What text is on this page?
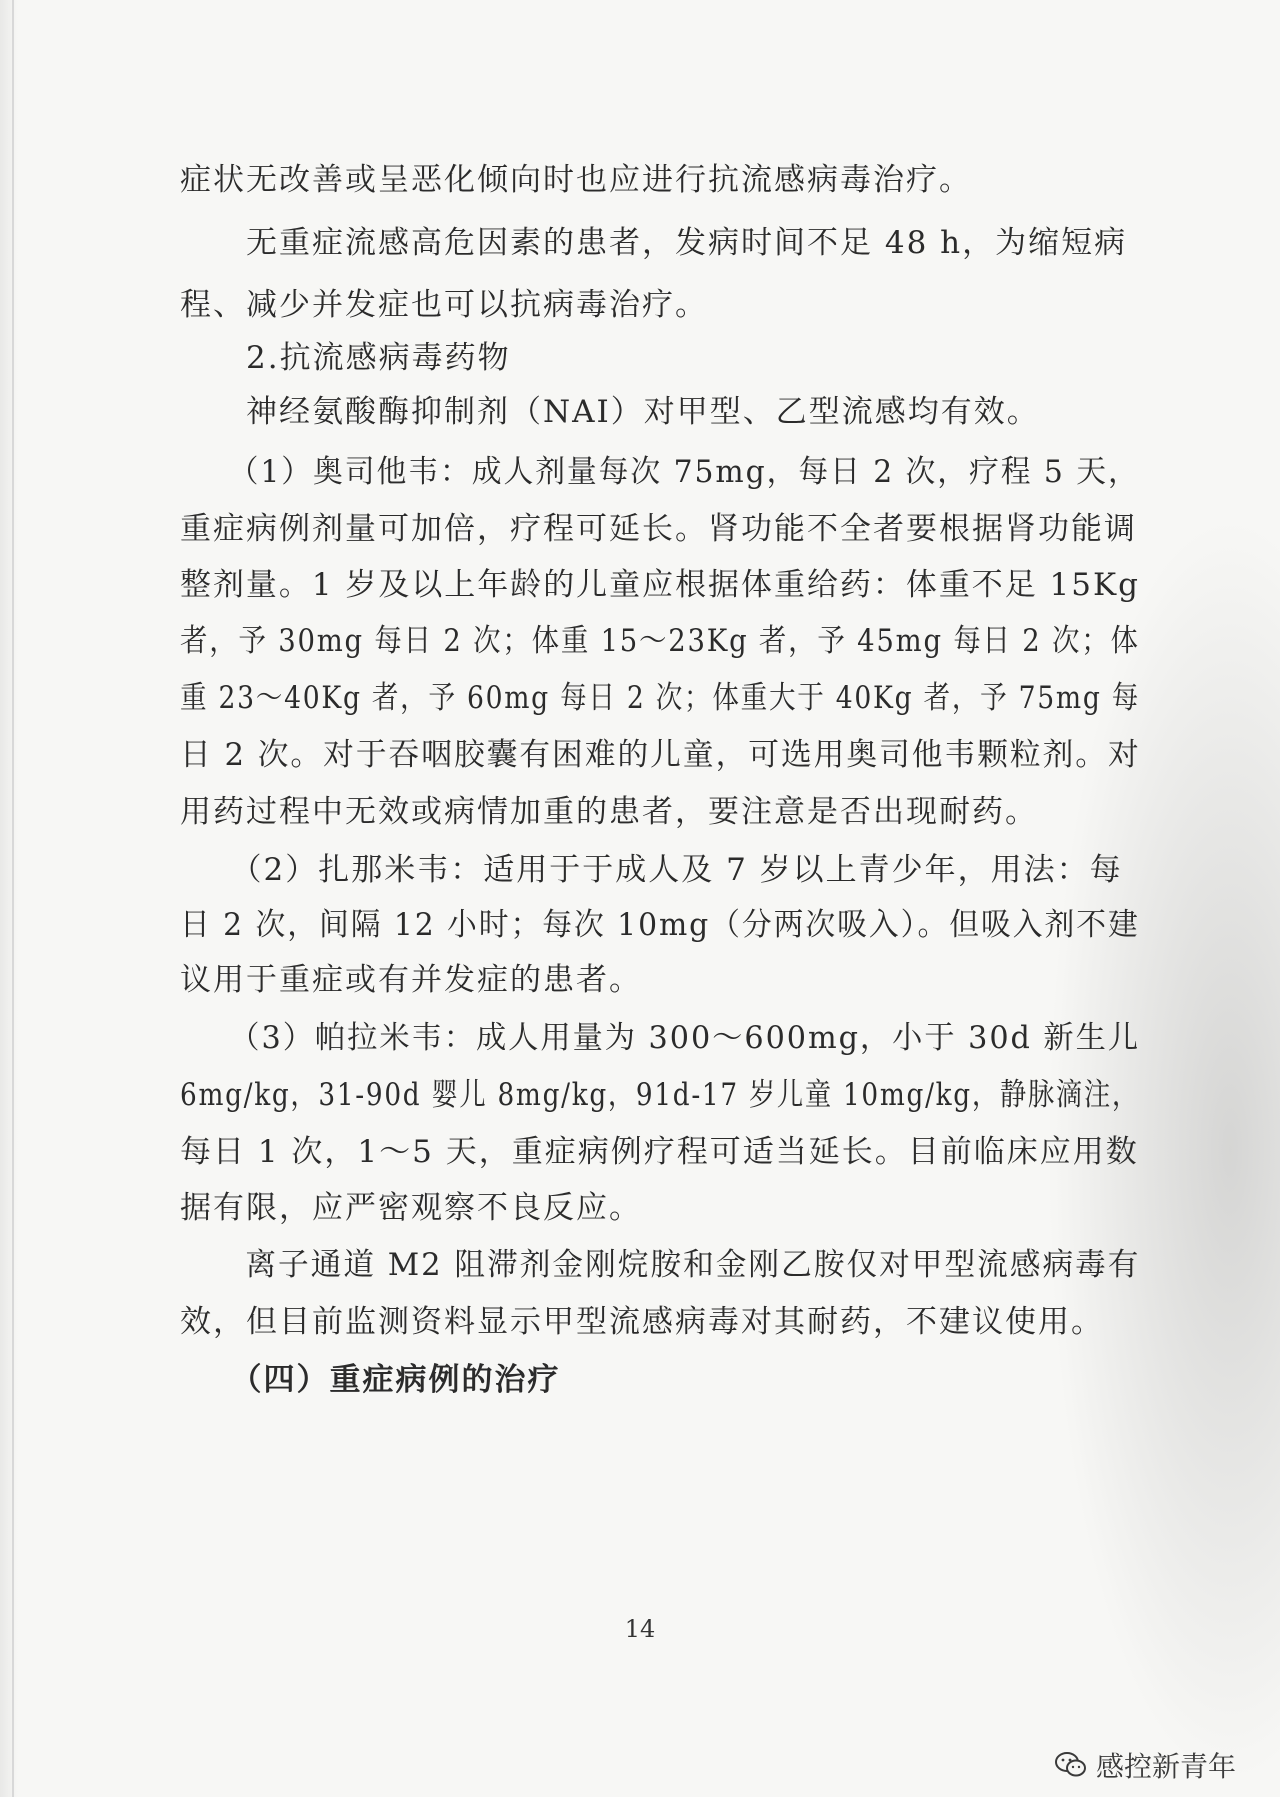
症状无改善或呈恶化倾向时也应进行抗流感病毒治疗。
　　无重症流感高危因素的患者，发病时间不足 48 h，为缩短病
程、减少并发症也可以抗病毒治疗。
　　2.抗流感病毒药物
　　神经氨酸酶抑制剂（NAI）对甲型、乙型流感均有效。
　　（1）奥司他韦：成人剂量每次 75mg，每日 2 次，疗程 5 天，
重症病例剂量可加倍，疗程可延长。肾功能不全者要根据肾功能调
整剂量。1 岁及以上年龄的儿童应根据体重给药：体重不足 15Kg
者，予 30mg 每日 2 次；体重 15～23Kg 者，予 45mg 每日 2 次；体
重 23～40Kg 者，予 60mg 每日 2 次；体重大于 40Kg 者，予 75mg 每
日 2 次。对于吞咽胶囊有困难的儿童，可选用奥司他韦颗粒剂。对
用药过程中无效或病情加重的患者，要注意是否出现耐药。
　　（2）扎那米韦：适用于于成人及 7 岁以上青少年，用法：每
日 2 次，间隔 12 小时；每次 10mg（分两次吸入）。但吸入剂不建
议用于重症或有并发症的患者。
　　（3）帕拉米韦：成人用量为 300～600mg，小于 30d 新生儿
6mg/kg，31-90d 婴儿 8mg/kg，91d-17 岁儿童 10mg/kg，静脉滴注，
每日 1 次，1～5 天，重症病例疗程可适当延长。目前临床应用数
据有限，应严密观察不良反应。
　　离子通道 M2 阻滞剂金刚烷胺和金刚乙胺仅对甲型流感病毒有
效，但目前监测资料显示甲型流感病毒对其耐药，不建议使用。
　　（四）重症病例的治疗
14
感控新青年
